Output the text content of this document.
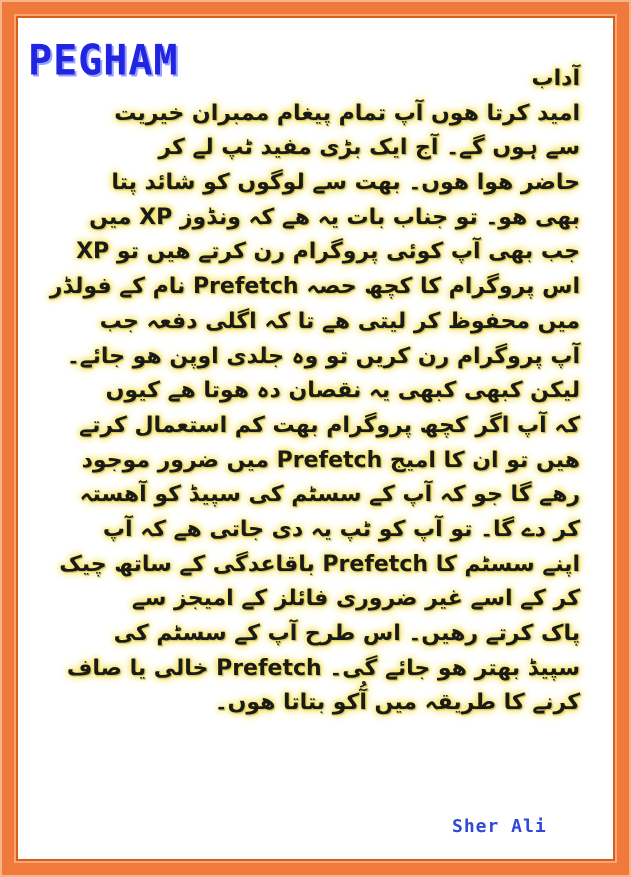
PEGHAM	آداب
امید کرتا ھوں آپ تمام پیغام ممبران خیریت
سے ہوں گے۔ آج ایک بڑی مفید ٹپ لے کر
حاضر ھوا ھوں۔ بھت سے لوگوں کو شائد پتا
بھی ھو۔ تو جناب بات یہ ھے کہ ونڈوز XP میں
جب بھی آپ کوئی پروگرام رن کرتے ھیں تو XP
اس پروگرام کا کچھ حصہ Prefetch نام کے فولڈر
میں محفوظ کر لیتی ھے تا کہ اگلی دفعہ جب
آپ پروگرام رن کریں تو وہ جلدی اوپن ھو جائے۔
لیکن کبھی کبھی یہ نقصان دہ ھوتا ھے کیوں
کہ آپ اگر کچھ پروگرام بھت کم استعمال کرتے
ھیں تو ان کا امیج Prefetch میں ضرور موجود
رھے گا جو کہ آپ کے سسٹم کی سپیڈ کو آھستہ
کر دے گا۔ تو آپ کو ٹپ یہ دی جاتی ھے کہ آپ
اپنے سسٹم کا Prefetch باقاعدگی کے ساتھ چیک
کر کے اسے غیر ضروری فائلز کے امیجز سے
پاک کرتے رھیں۔ اس طرح آپ کے سسٹم کی
سپیڈ بھتر ھو جائے گی۔ Prefetch خالی یا صاف
کرنے کا طریقہ میں آُکو بتاتا ھوں۔
Sher Ali
